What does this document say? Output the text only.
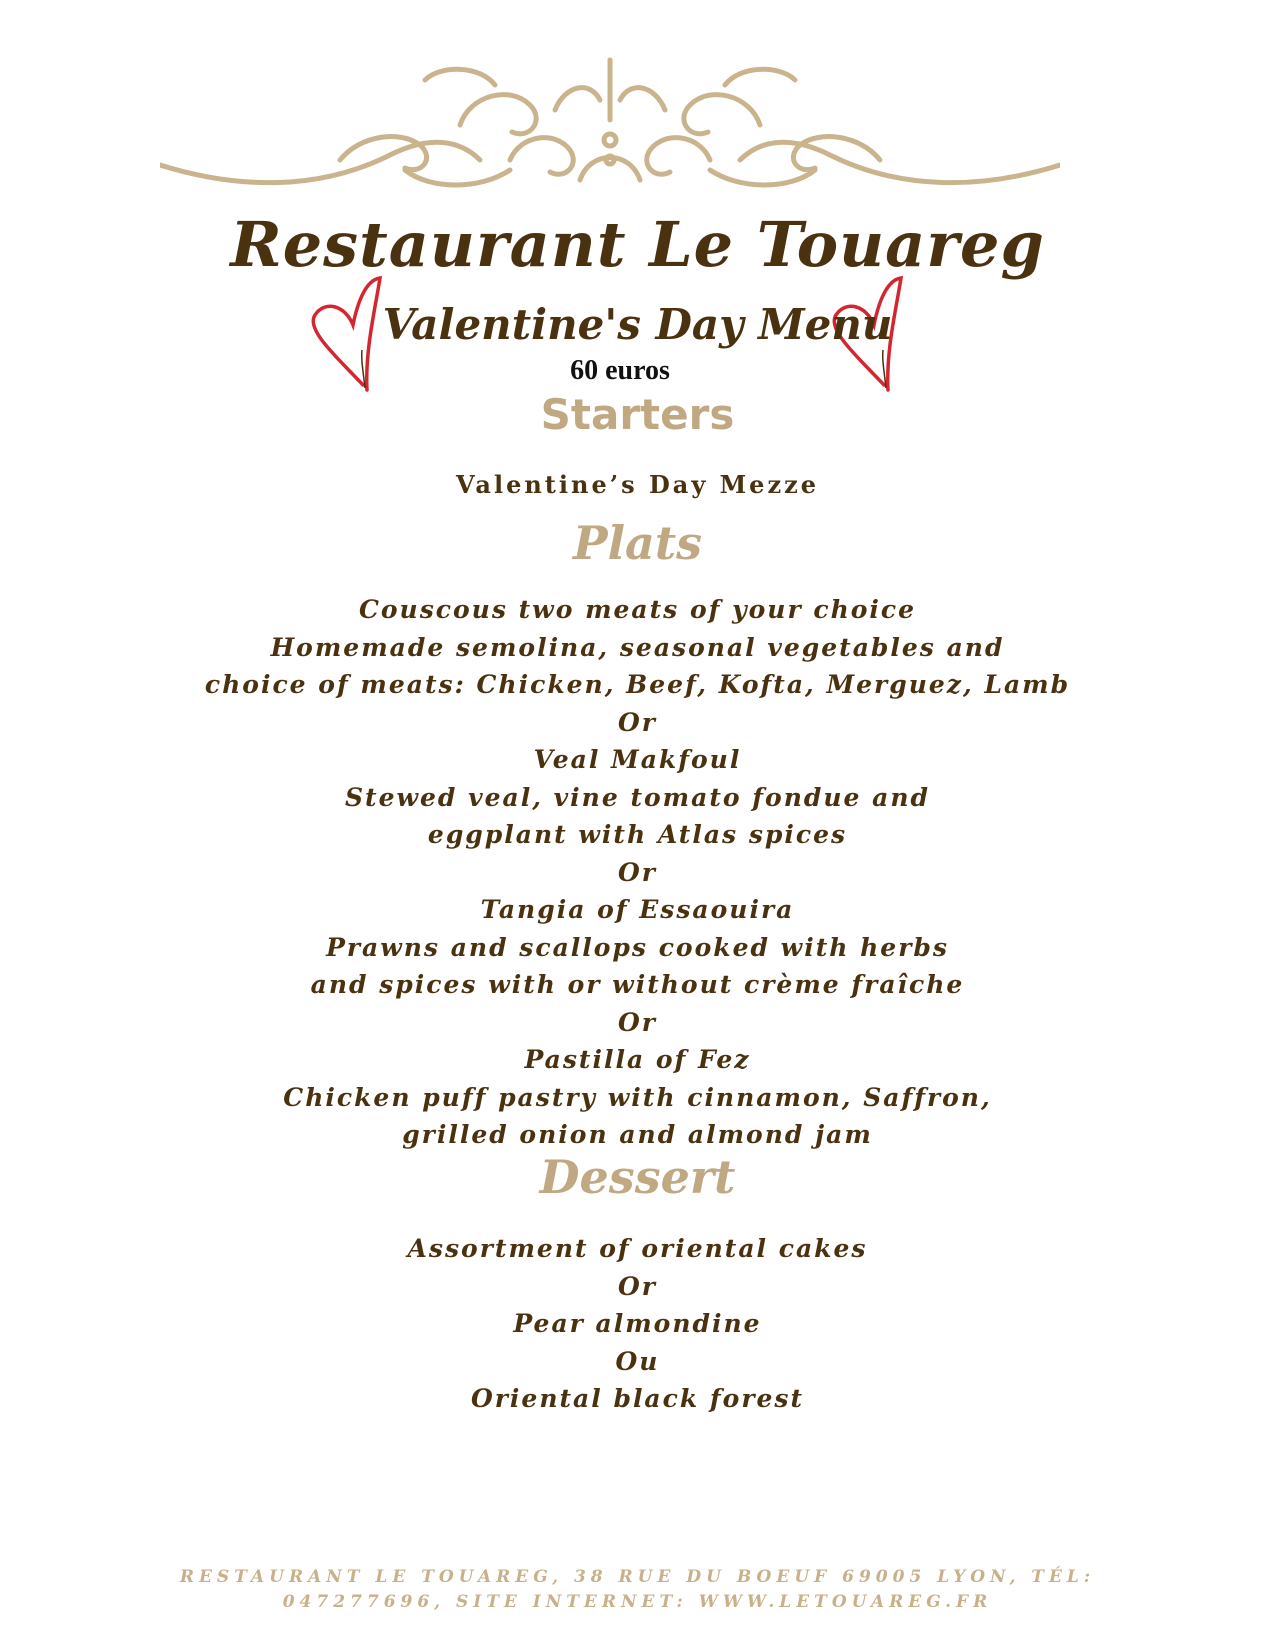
Restaurant Le Touareg
Valentine's Day Menu
60 euros
Starters
Valentine’s Day Mezze
Plats
Couscous two meats of your choice
Homemade semolina, seasonal vegetables and
choice of meats: Chicken, Beef, Kofta, Merguez, Lamb
Or
Veal Makfoul
Stewed veal, vine tomato fondue and
eggplant with Atlas spices
Or
Tangia of Essaouira
Prawns and scallops cooked with herbs
and spices with or without crème fraîche
Or
Pastilla of Fez
Chicken puff pastry with cinnamon, Saffron,
grilled onion and almond jam
Dessert
Assortment of oriental cakes
Or
Pear almondine
Ou
Oriental black forest
RESTAURANT LE TOUAREG, 38 RUE DU BOEUF 69005 LYON, TÉL:
047277696, SITE INTERNET: WWW.LETOUAREG.FR
